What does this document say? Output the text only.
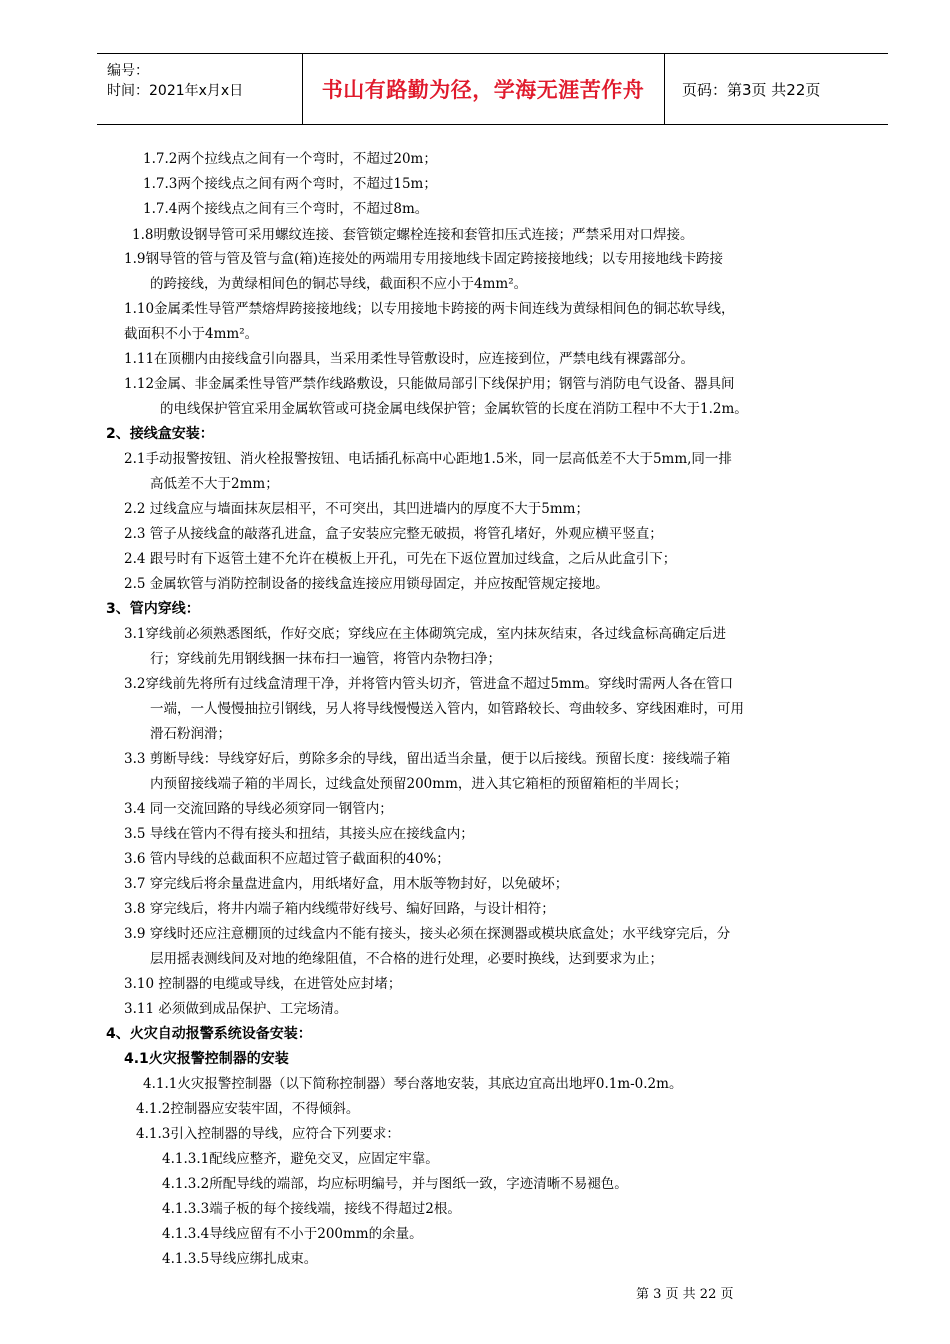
编号：
时间：2021年x月x日	书山有路勤为径，学海无涯苦作舟	页码：第3页 共22页
1.7.2两个拉线点之间有一个弯时，不超过20m；
1.7.3两个接线点之间有两个弯时，不超过15m；
1.7.4两个接线点之间有三个弯时，不超过8m。
1.8明敷设钢导管可采用螺纹连接、套管锁定螺栓连接和套管扣压式连接；严禁采用对口焊接。
1.9钢导管的管与管及管与盒(箱)连接处的两端用专用接地线卡固定跨接接地线；以专用接地线卡跨接
的跨接线，为黄绿相间色的铜芯导线，截面积不应小于4mm²。
1.10金属柔性导管严禁熔焊跨接接地线；以专用接地卡跨接的两卡间连线为黄绿相间色的铜芯软导线，
截面积不小于4mm²。
1.11在顶棚内由接线盒引向器具，当采用柔性导管敷设时，应连接到位，严禁电线有裸露部分。
1.12金属、非金属柔性导管严禁作线路敷设，只能做局部引下线保护用；钢管与消防电气设备、器具间
的电线保护管宜采用金属软管或可挠金属电线保护管；金属软管的长度在消防工程中不大于1.2m。
2、接线盒安装：
2.1手动报警按钮、消火栓报警按钮、电话插孔标高中心距地1.5米，同一层高低差不大于5mm,同一排
高低差不大于2mm；
2.2 过线盒应与墙面抹灰层相平，不可突出，其凹进墙内的厚度不大于5mm；
2.3 管子从接线盒的敲落孔进盒，盒子安装应完整无破损，将管孔堵好，外观应横平竖直；
2.4 跟号时有下返管土建不允许在模板上开孔，可先在下返位置加过线盒，之后从此盒引下；
2.5 金属软管与消防控制设备的接线盒连接应用锁母固定，并应按配管规定接地。
3、管内穿线：
3.1穿线前必须熟悉图纸，作好交底；穿线应在主体砌筑完成，室内抹灰结束，各过线盒标高确定后进
行；穿线前先用钢线捆一抹布扫一遍管，将管内杂物扫净；
3.2穿线前先将所有过线盒清理干净，并将管内管头切齐，管进盒不超过5mm。穿线时需两人各在管口
一端，一人慢慢抽拉引钢线，另人将导线慢慢送入管内，如管路较长、弯曲较多、穿线困难时，可用
滑石粉润滑；
3.3 剪断导线：导线穿好后，剪除多余的导线，留出适当余量，便于以后接线。预留长度：接线端子箱
内预留接线端子箱的半周长，过线盒处预留200mm，进入其它箱柜的预留箱柜的半周长；
3.4 同一交流回路的导线必须穿同一钢管内；
3.5 导线在管内不得有接头和扭结，其接头应在接线盒内；
3.6 管内导线的总截面积不应超过管子截面积的40%；
3.7 穿完线后将余量盘进盒内，用纸堵好盒，用木版等物封好，以免破坏；
3.8 穿完线后，将井内端子箱内线缆带好线号、编好回路，与设计相符；
3.9 穿线时还应注意棚顶的过线盒内不能有接头，接头必须在探测器或模块底盒处；水平线穿完后，分
层用摇表测线间及对地的绝缘阻值，不合格的进行处理，必要时换线，达到要求为止；
3.10 控制器的电缆或导线，在进管处应封堵；
3.11 必须做到成品保护、工完场清。
4、火灾自动报警系统设备安装：
4.1火灾报警控制器的安装
4.1.1火灾报警控制器（以下简称控制器）琴台落地安装，其底边宜高出地坪0.1m-0.2m。
4.1.2控制器应安装牢固，不得倾斜。
4.1.3引入控制器的导线，应符合下列要求：
4.1.3.1配线应整齐，避免交叉，应固定牢靠。
4.1.3.2所配导线的端部，均应标明编号，并与图纸一致，字迹清晰不易褪色。
4.1.3.3端子板的每个接线端，接线不得超过2根。
4.1.3.4导线应留有不小于200mm的余量。
4.1.3.5导线应绑扎成束。
第 3 页 共 22 页
